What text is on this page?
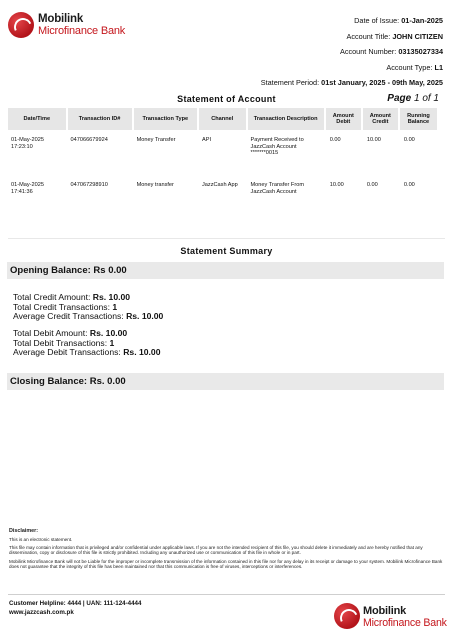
Mobilink
Microfinance Bank
Date of Issue: 01-Jan-2025
Account Title: JOHN CITIZEN
Account Number: 03135027334
Account Type: L1
Statement Period: 01st January, 2025 - 09th May, 2025
Statement of Account	Page 1 of 1
Date/Time	Transaction ID#	Transaction Type	Channel	Transaction Description	Amount Debit	Amount Credit	Running Balance
01-May-2025
17:23:10	047066679924	Money Transfer	API	Payment Received to
JazzCash Account
*******0015	0.00	10.00	0.00
01-May-2025
17:41:36	047067298910	Money transfer	JazzCash App	Money Transfer From
JazzCash Account	10.00	0.00	0.00
Statement Summary
Opening Balance: Rs 0.00
Total Credit Amount: Rs. 10.00
Total Credit Transactions: 1
Average Credit Transactions: Rs. 10.00
Total Debit Amount: Rs. 10.00
Total Debit Transactions: 1
Average Debit Transactions: Rs. 10.00
Closing Balance: Rs. 0.00
Disclaimer:

This is an electronic statement.

This file may contain information that is privileged and/or confidential under applicable laws. If you are not the intended recipient of this file, you should delete it immediately and are hereby notified that any dissemination, copy or disclosure of this file is strictly prohibited. Including any unauthorized use or communication of this file in whole or in part.

Mobilink Microfinance Bank will not be Liable for the improper or incomplete transmission of the information contained in this file nor for any delay in its receipt or damage to your system. Mobilink Microfinance Bank does not guarantee that the integrity of this file has been maintained nor that this communication is free of viruses, interceptions or interferences.

Customer Helpline: 4444 | UAN: 111-124-4444
www.jazzcash.com.pk	Mobilink
Microfinance Bank
